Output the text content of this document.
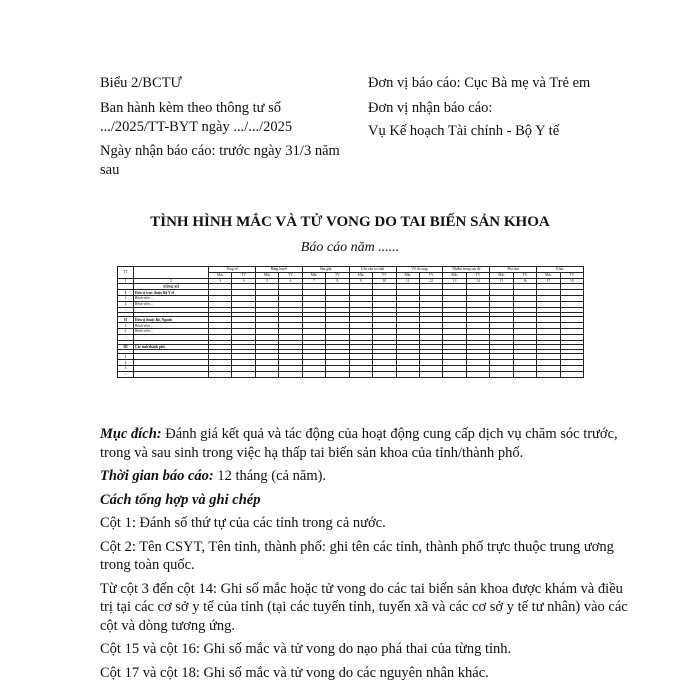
Biểu 2/BCTƯ

Ban hành kèm theo thông tư số
.../2025/TT-BYT ngày .../.../2025
Ngày nhận báo cáo: trước ngày 31/3 năm
sau

Đơn vị báo cáo: Cục Bà mẹ và Trẻ em

Đơn vị nhận báo cáo:

Vụ Kế hoạch Tài chính - Bộ Y tế

TÌNH HÌNH MẮC VÀ TỬ VONG DO TAI BIẾN SẢN KHOA
Báo cáo năm ......
TT		Tổng số		Băng huyết		Sản giật		Uốn ván sơ sinh		Vỡ tử cung		Nhiễm trùng sau đẻ		Phá thai		Khác	
		Mắc	TV	Mắc	TV	Mắc	TV	Mắc	TV	Mắc	TV	Mắc	TV	Mắc	TV	Mắc	TV
1	2	3	4	5	6	7	8	9	10	11	12	13	14	15	16	17	18
	TỔNG SỐ																
I	Đơn vị trực thuộc Bộ Y tế																
1	Bệnh viện ...																
2	Bệnh viện ...																
...																	

II	Đơn vị thuộc Bộ, Ngành																
1	Bệnh viện ...																
2	Bệnh viện ...																
...																	

III	Các tỉnh/thành phố																

1																	
2																	
3																	
...																	

Mục đích: Đánh giá kết quả và tác động của hoạt động cung cấp dịch vụ chăm sóc trước, trong và sau sinh trong việc hạ thấp tai biến sản khoa của tỉnh/thành phố.

Thời gian báo cáo: 12 tháng (cả năm).

Cách tổng hợp và ghi chép

Cột 1: Đánh số thứ tự của các tỉnh trong cả nước.

Cột 2: Tên CSYT, Tên tỉnh, thành phố: ghi tên các tỉnh, thành phố trực thuộc trung ương trong toàn quốc.

Từ cột 3 đến cột 14: Ghi số mắc hoặc tử vong do các tai biến sản khoa được khám và điều trị tại các cơ sở y tế của tỉnh (tại các tuyến tỉnh, tuyến xã và các cơ sở y tế tư nhân) vào các cột và dòng tương ứng.

Cột 15 và cột 16: Ghi số mắc và tử vong do nạo phá thai của từng tỉnh.

Cột 17 và cột 18: Ghi số mắc và tử vong do các nguyên nhân khác.
